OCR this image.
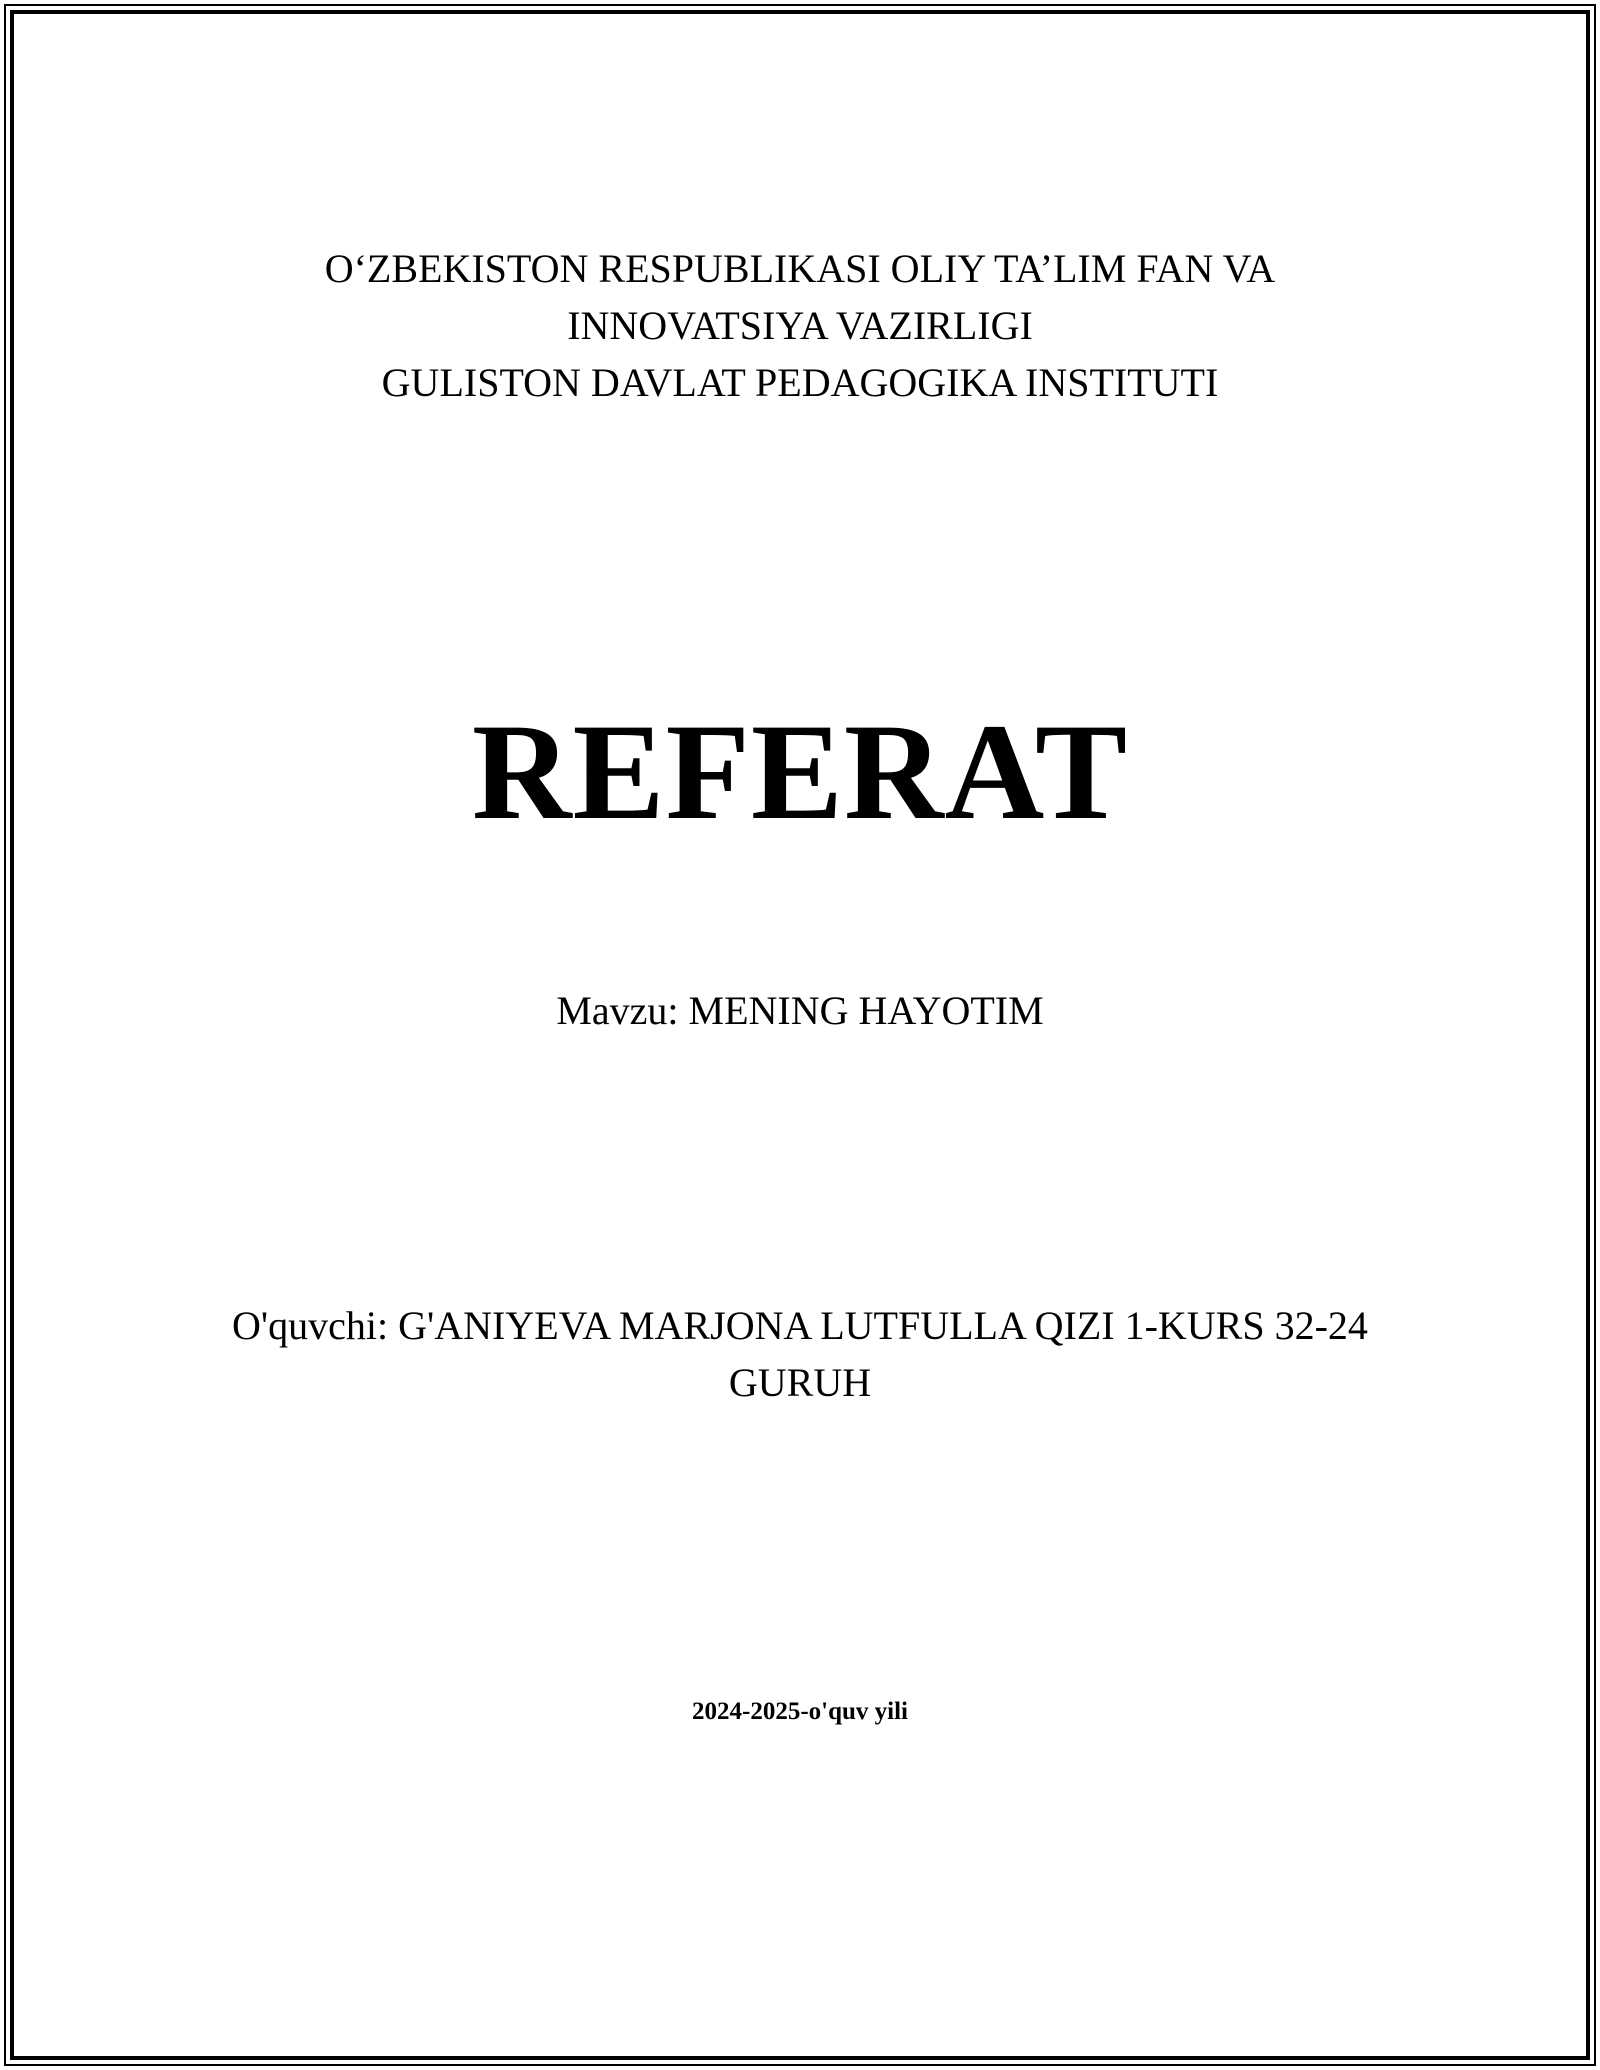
O‘ZBEKISTON RESPUBLIKASI OLIY TA’LIM FAN VA
INNOVATSIYA VAZIRLIGI
GULISTON DAVLAT PEDAGOGIKA INSTITUTI
REFERAT
Mavzu: MENING HAYOTIM
O'quvchi: G'ANIYEVA MARJONA LUTFULLA QIZI 1-KURS 32-24
GURUH
2024-2025-o'quv yili
